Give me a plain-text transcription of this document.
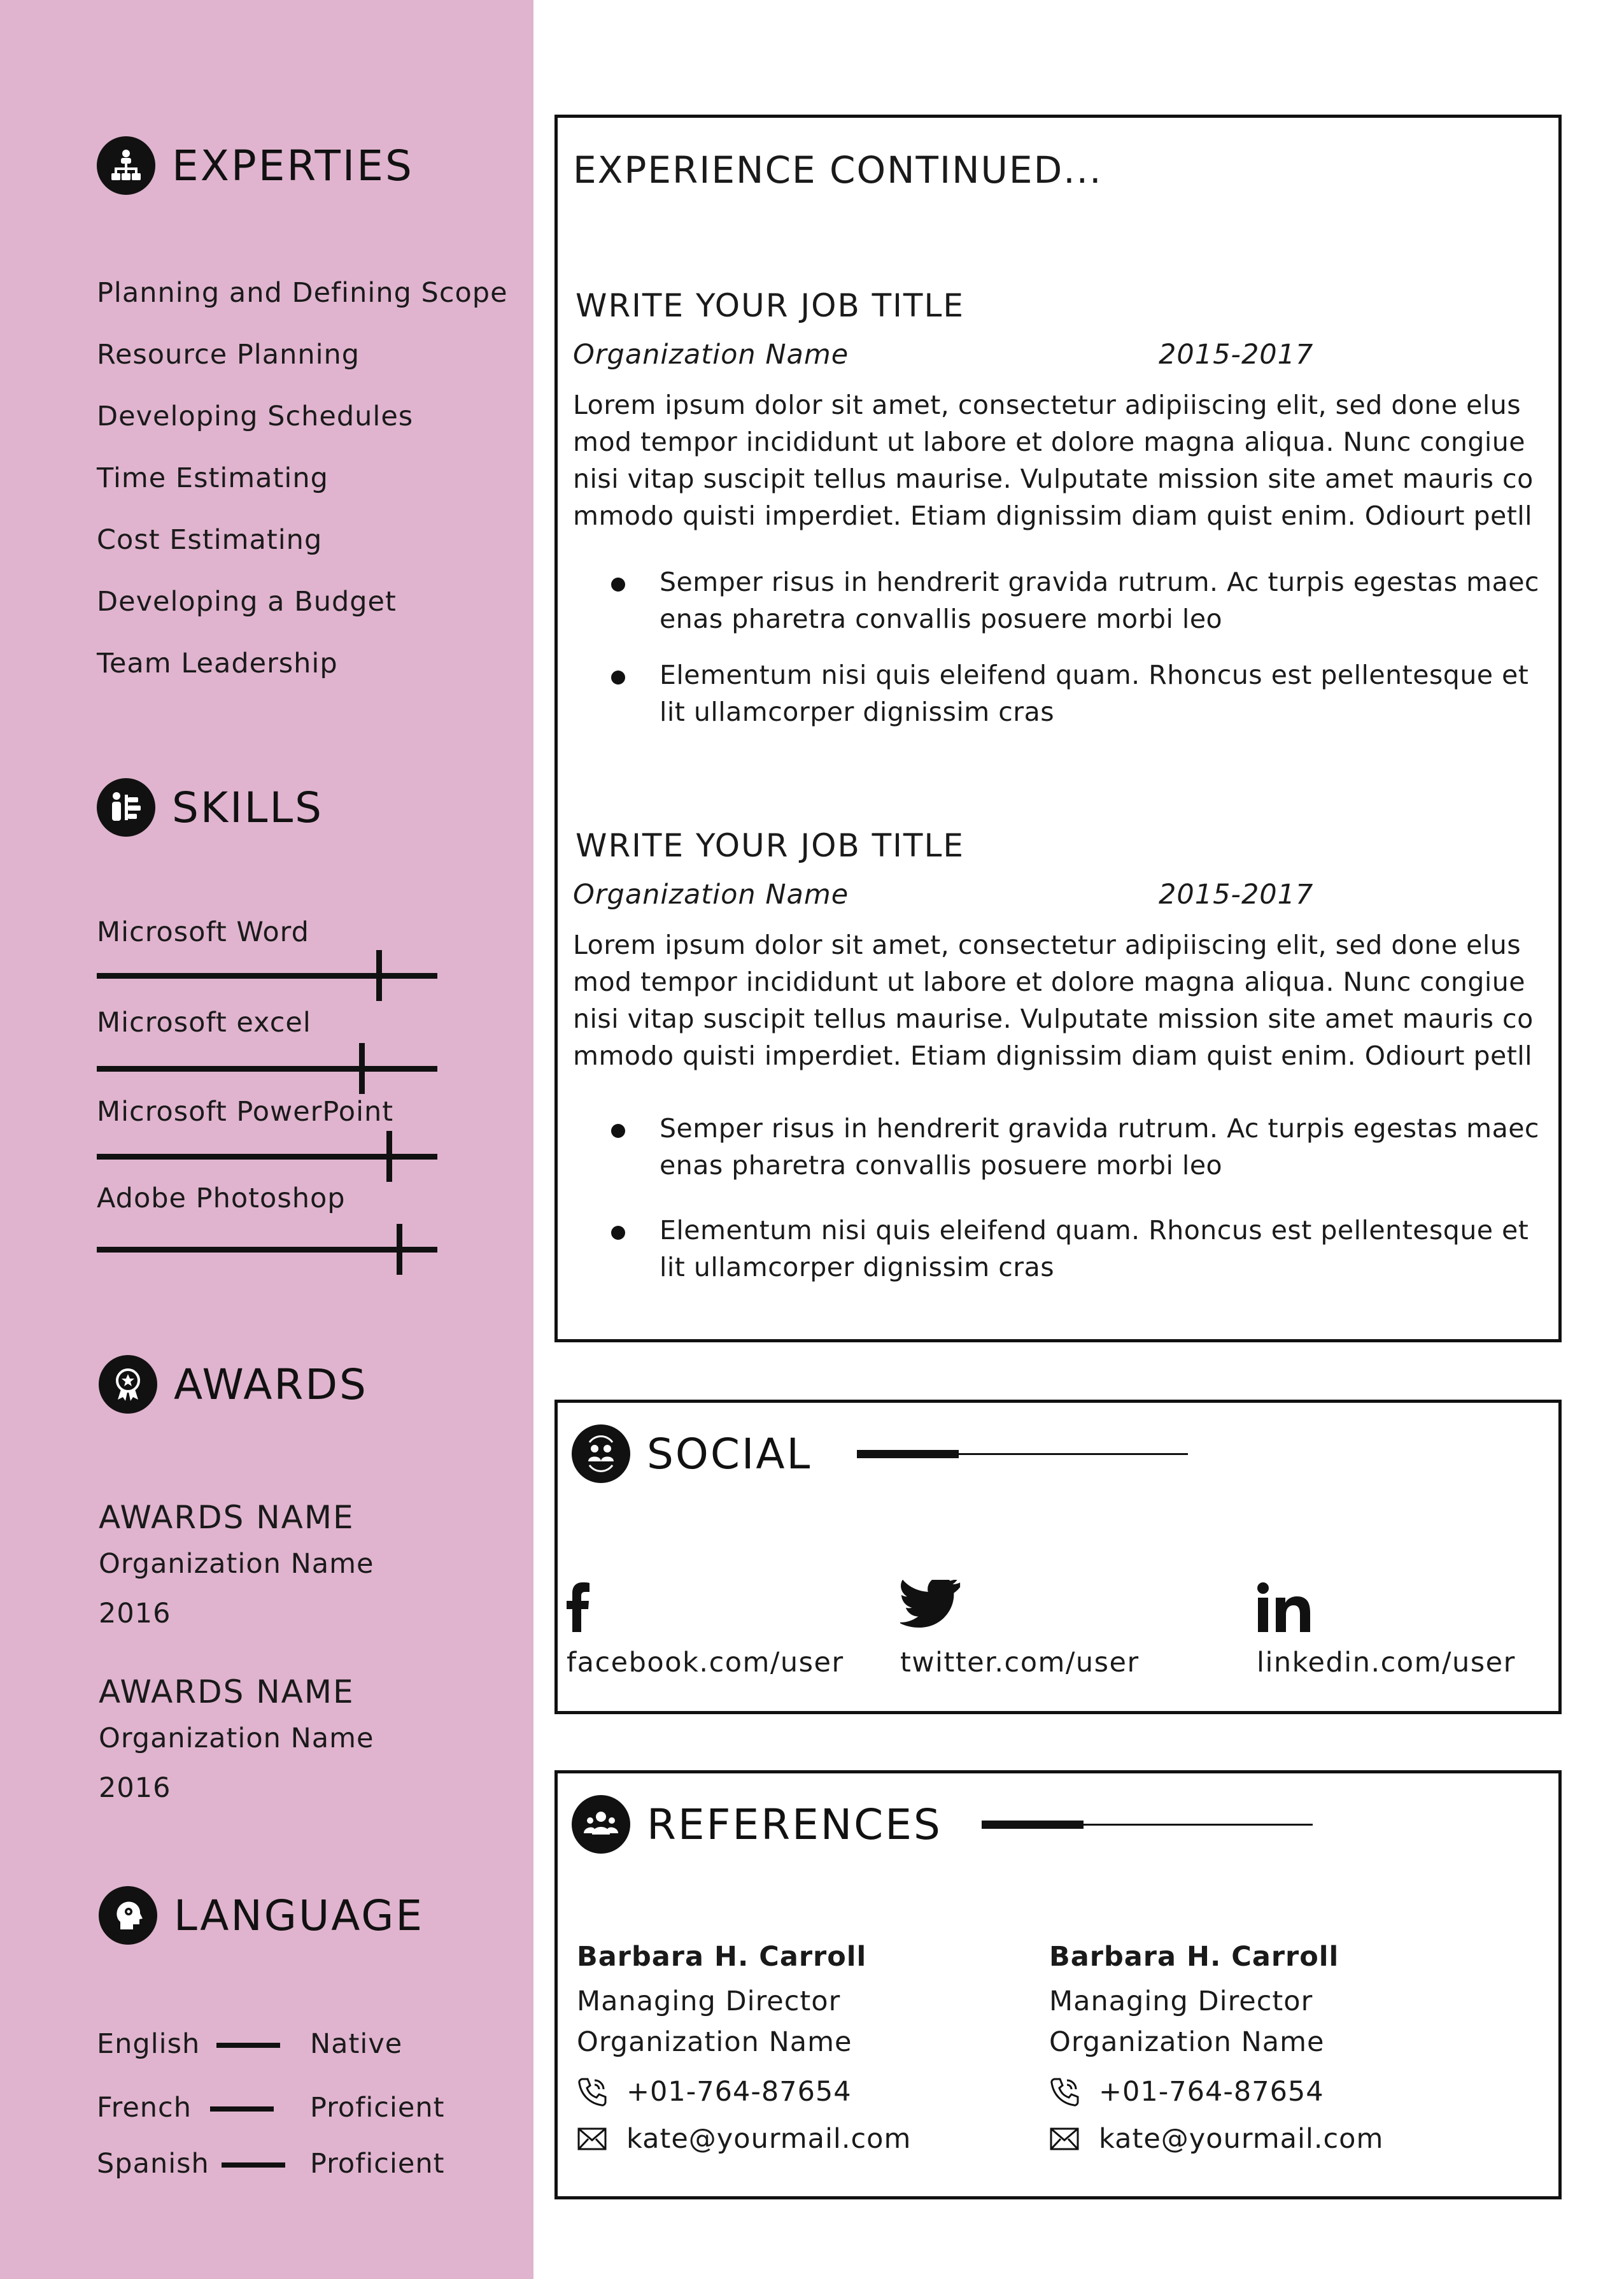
EXPERTIES
Planning and Defining Scope
Resource Planning
Developing Schedules
Time Estimating
Cost Estimating
Developing a Budget
Team Leadership
SKILLS
Microsoft Word
Microsoft excel
Microsoft PowerPoint
Adobe Photoshop
AWARDS
AWARDS NAME
Organization Name
2016
AWARDS NAME
Organization Name
2016
LANGUAGE
English	Native
French	Proficient
Spanish	Proficient
EXPERIENCE CONTINUED...
WRITE YOUR JOB TITLE
Organization Name	2015-2017
Lorem ipsum dolor sit amet, consectetur adipiiscing elit, sed done elus
mod tempor incididunt ut labore et dolore magna aliqua. Nunc congiue
nisi vitap suscipit tellus maurise. Vulputate mission site amet mauris co
mmodo quisti imperdiet. Etiam dignissim diam quist enim. Odiourt petll
Semper risus in hendrerit gravida rutrum. Ac turpis egestas maec
enas pharetra convallis posuere morbi leo
Elementum nisi quis eleifend quam. Rhoncus est pellentesque et
lit ullamcorper dignissim cras
WRITE YOUR JOB TITLE
Organization Name	2015-2017
Lorem ipsum dolor sit amet, consectetur adipiiscing elit, sed done elus
mod tempor incididunt ut labore et dolore magna aliqua. Nunc congiue
nisi vitap suscipit tellus maurise. Vulputate mission site amet mauris co
mmodo quisti imperdiet. Etiam dignissim diam quist enim. Odiourt petll
Semper risus in hendrerit gravida rutrum. Ac turpis egestas maec
enas pharetra convallis posuere morbi leo
Elementum nisi quis eleifend quam. Rhoncus est pellentesque et
lit ullamcorper dignissim cras
SOCIAL
facebook.com/user twitter.com/user	linkedin.com/user
REFERENCES
Barbara H. Carroll
Managing Director
Organization Name
+01-764-87654
kate@yourmail.com
Barbara H. Carroll
Managing Director
Organization Name
+01-764-87654
kate@yourmail.com
